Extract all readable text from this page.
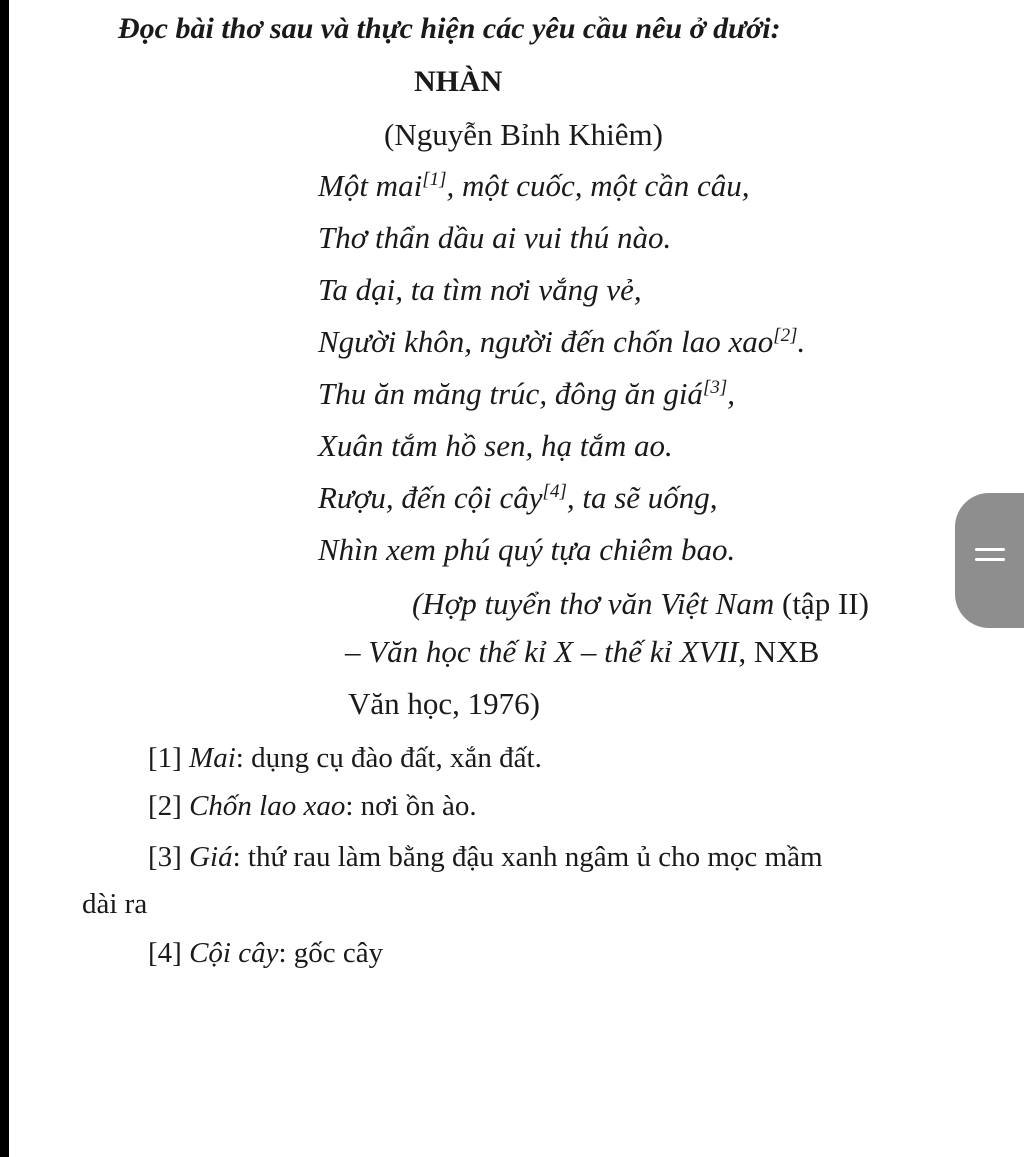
Đọc bài thơ sau và thực hiện các yêu cầu nêu ở dưới:
NHÀN
(Nguyễn Bỉnh Khiêm)
Một mai[1], một cuốc, một cần câu,
Thơ thẩn dầu ai vui thú nào.
Ta dại, ta tìm nơi vắng vẻ,
Người khôn, người đến chốn lao xao[2].
Thu ăn măng trúc, đông ăn giá[3],
Xuân tắm hồ sen, hạ tắm ao.
Rượu, đến cội cây[4], ta sẽ uống,
Nhìn xem phú quý tựa chiêm bao.
(Hợp tuyển thơ văn Việt Nam (tập II)
– Văn học thế kỉ X – thế kỉ XVII, NXB
Văn học, 1976)
[1] Mai: dụng cụ đào đất, xắn đất.
[2] Chốn lao xao: nơi ồn ào.
[3] Giá: thứ rau làm bằng đậu xanh ngâm ủ cho mọc mầm
dài ra
[4] Cội cây: gốc cây
